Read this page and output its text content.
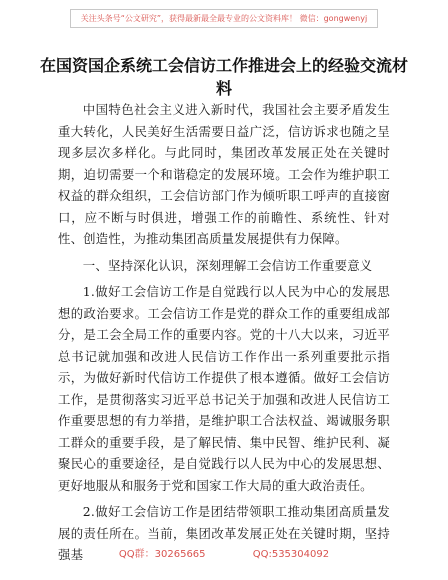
关注头条号“公文研究”，获得最新最全最专业的公文资料库！ 微信：gongwenyj
在国资国企系统工会信访工作推进会上的经验交流材料

中国特色社会主义进入新时代，我国社会主要矛盾发生重大转化，人民美好生活需要日益广泛，信访诉求也随之呈现多层次多样化。与此同时，集团改革发展正处在关键时期，迫切需要一个和谐稳定的发展环境。工会作为维护职工权益的群众组织，工会信访部门作为倾听职工呼声的直接窗口，应不断与时俱进，增强工作的前瞻性、系统性、针对性、创造性，为推动集团高质量发展提供有力保障。

一、坚持深化认识，深刻理解工会信访工作重要意义

1.做好工会信访工作是自觉践行以人民为中心的发展思想的政治要求。工会信访工作是党的群众工作的重要组成部分，是工会全局工作的重要内容。党的十八大以来，习近平总书记就加强和改进人民信访工作作出一系列重要批示指示，为做好新时代信访工作提供了根本遵循。做好工会信访工作，是贯彻落实习近平总书记关于加强和改进人民信访工作重要思想的有力举措，是维护职工合法权益、竭诚服务职工群众的重要手段，是了解民情、集中民智、维护民利、凝聚民心的重要途径，是自觉践行以人民为中心的发展思想、更好地服从和服务于党和国家工作大局的重大政治责任。

2.做好工会信访工作是团结带领职工推动集团高质量发展的责任所在。当前，集团改革发展正处在关键时期，坚持强基	QQ群：30265665	QQ:535304092
